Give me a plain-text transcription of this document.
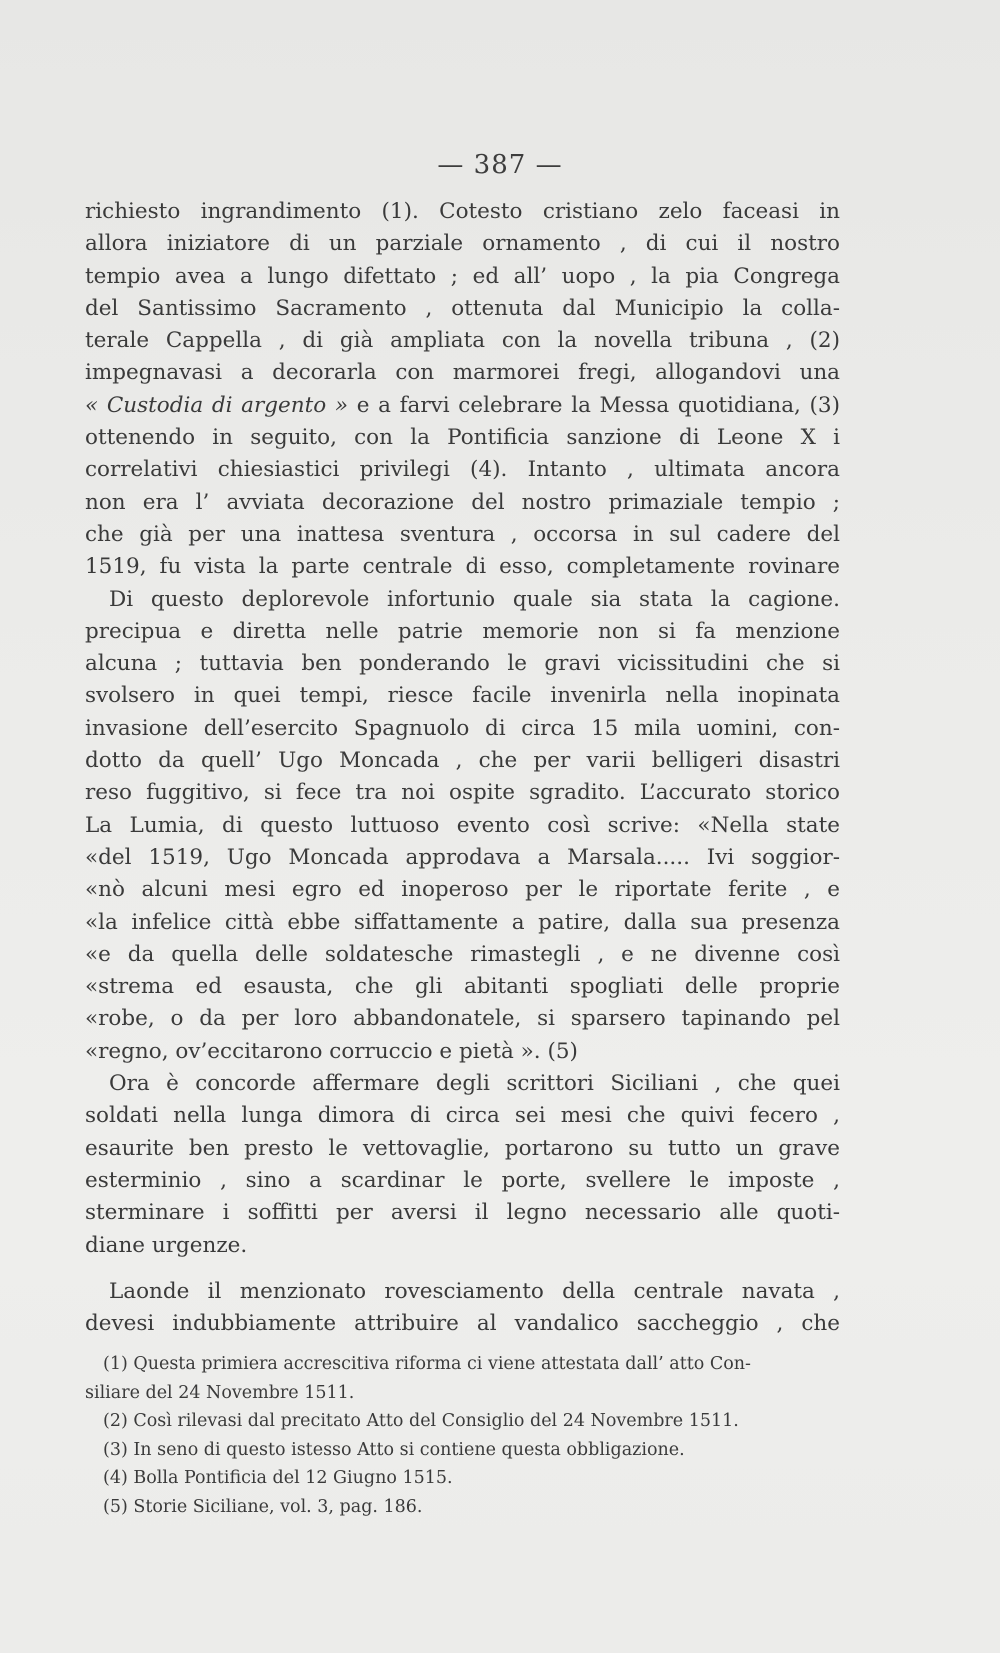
— 387 —
richiesto ingrandimento (1). Cotesto cristiano zelo faceasi in
allora iniziatore di un parziale ornamento , di cui il nostro
tempio avea a lungo difettato ; ed all’ uopo , la pia Congrega
del Santissimo Sacramento , ottenuta dal Municipio la colla-
terale Cappella , di già ampliata con la novella tribuna , (2)
impegnavasi a decorarla con marmorei fregi, allogandovi una
« Custodia di argento » e a farvi celebrare la Messa quotidiana, (3)
ottenendo in seguito, con la Pontificia sanzione di Leone X i
correlativi chiesiastici privilegi (4). Intanto , ultimata ancora
non era l’ avviata decorazione del nostro primaziale tempio ;
che già per una inattesa sventura , occorsa in sul cadere del
1519, fu vista la parte centrale di esso, completamente rovinare
Di questo deplorevole infortunio quale sia stata la cagione.
precipua e diretta nelle patrie memorie non si fa menzione
alcuna ; tuttavia ben ponderando le gravi vicissitudini che si
svolsero in quei tempi, riesce facile invenirla nella inopinata
invasione dell’esercito Spagnuolo di circa 15 mila uomini, con-
dotto da quell’ Ugo Moncada , che per varii belligeri disastri
reso fuggitivo, si fece tra noi ospite sgradito. L’accurato storico
La Lumia, di questo luttuoso evento così scrive: «Nella state
«del 1519, Ugo Moncada approdava a Marsala..... Ivi soggior-
«nò alcuni mesi egro ed inoperoso per le riportate ferite , e
«la infelice città ebbe siffattamente a patire, dalla sua presenza
«e da quella delle soldatesche rimastegli , e ne divenne così
«strema ed esausta, che gli abitanti spogliati delle proprie
«robe, o da per loro abbandonatele, si sparsero tapinando pel
«regno, ov’eccitarono corruccio e pietà ». (5)
Ora è concorde affermare degli scrittori Siciliani , che quei
soldati nella lunga dimora di circa sei mesi che quivi fecero ,
esaurite ben presto le vettovaglie, portarono su tutto un grave
esterminio , sino a scardinar le porte, svellere le imposte ,
sterminare i soffitti per aversi il legno necessario alle quoti-
diane urgenze.
Laonde il menzionato rovesciamento della centrale navata ,
devesi indubbiamente attribuire al vandalico saccheggio , che
(1) Questa primiera accrescitiva riforma ci viene attestata dall’ atto Con-
siliare del 24 Novembre 1511.
(2) Così rilevasi dal precitato Atto del Consiglio del 24 Novembre 1511.
(3) In seno di questo istesso Atto si contiene questa obbligazione.
(4) Bolla Pontificia del 12 Giugno 1515.
(5) Storie Siciliane, vol. 3, pag. 186.
